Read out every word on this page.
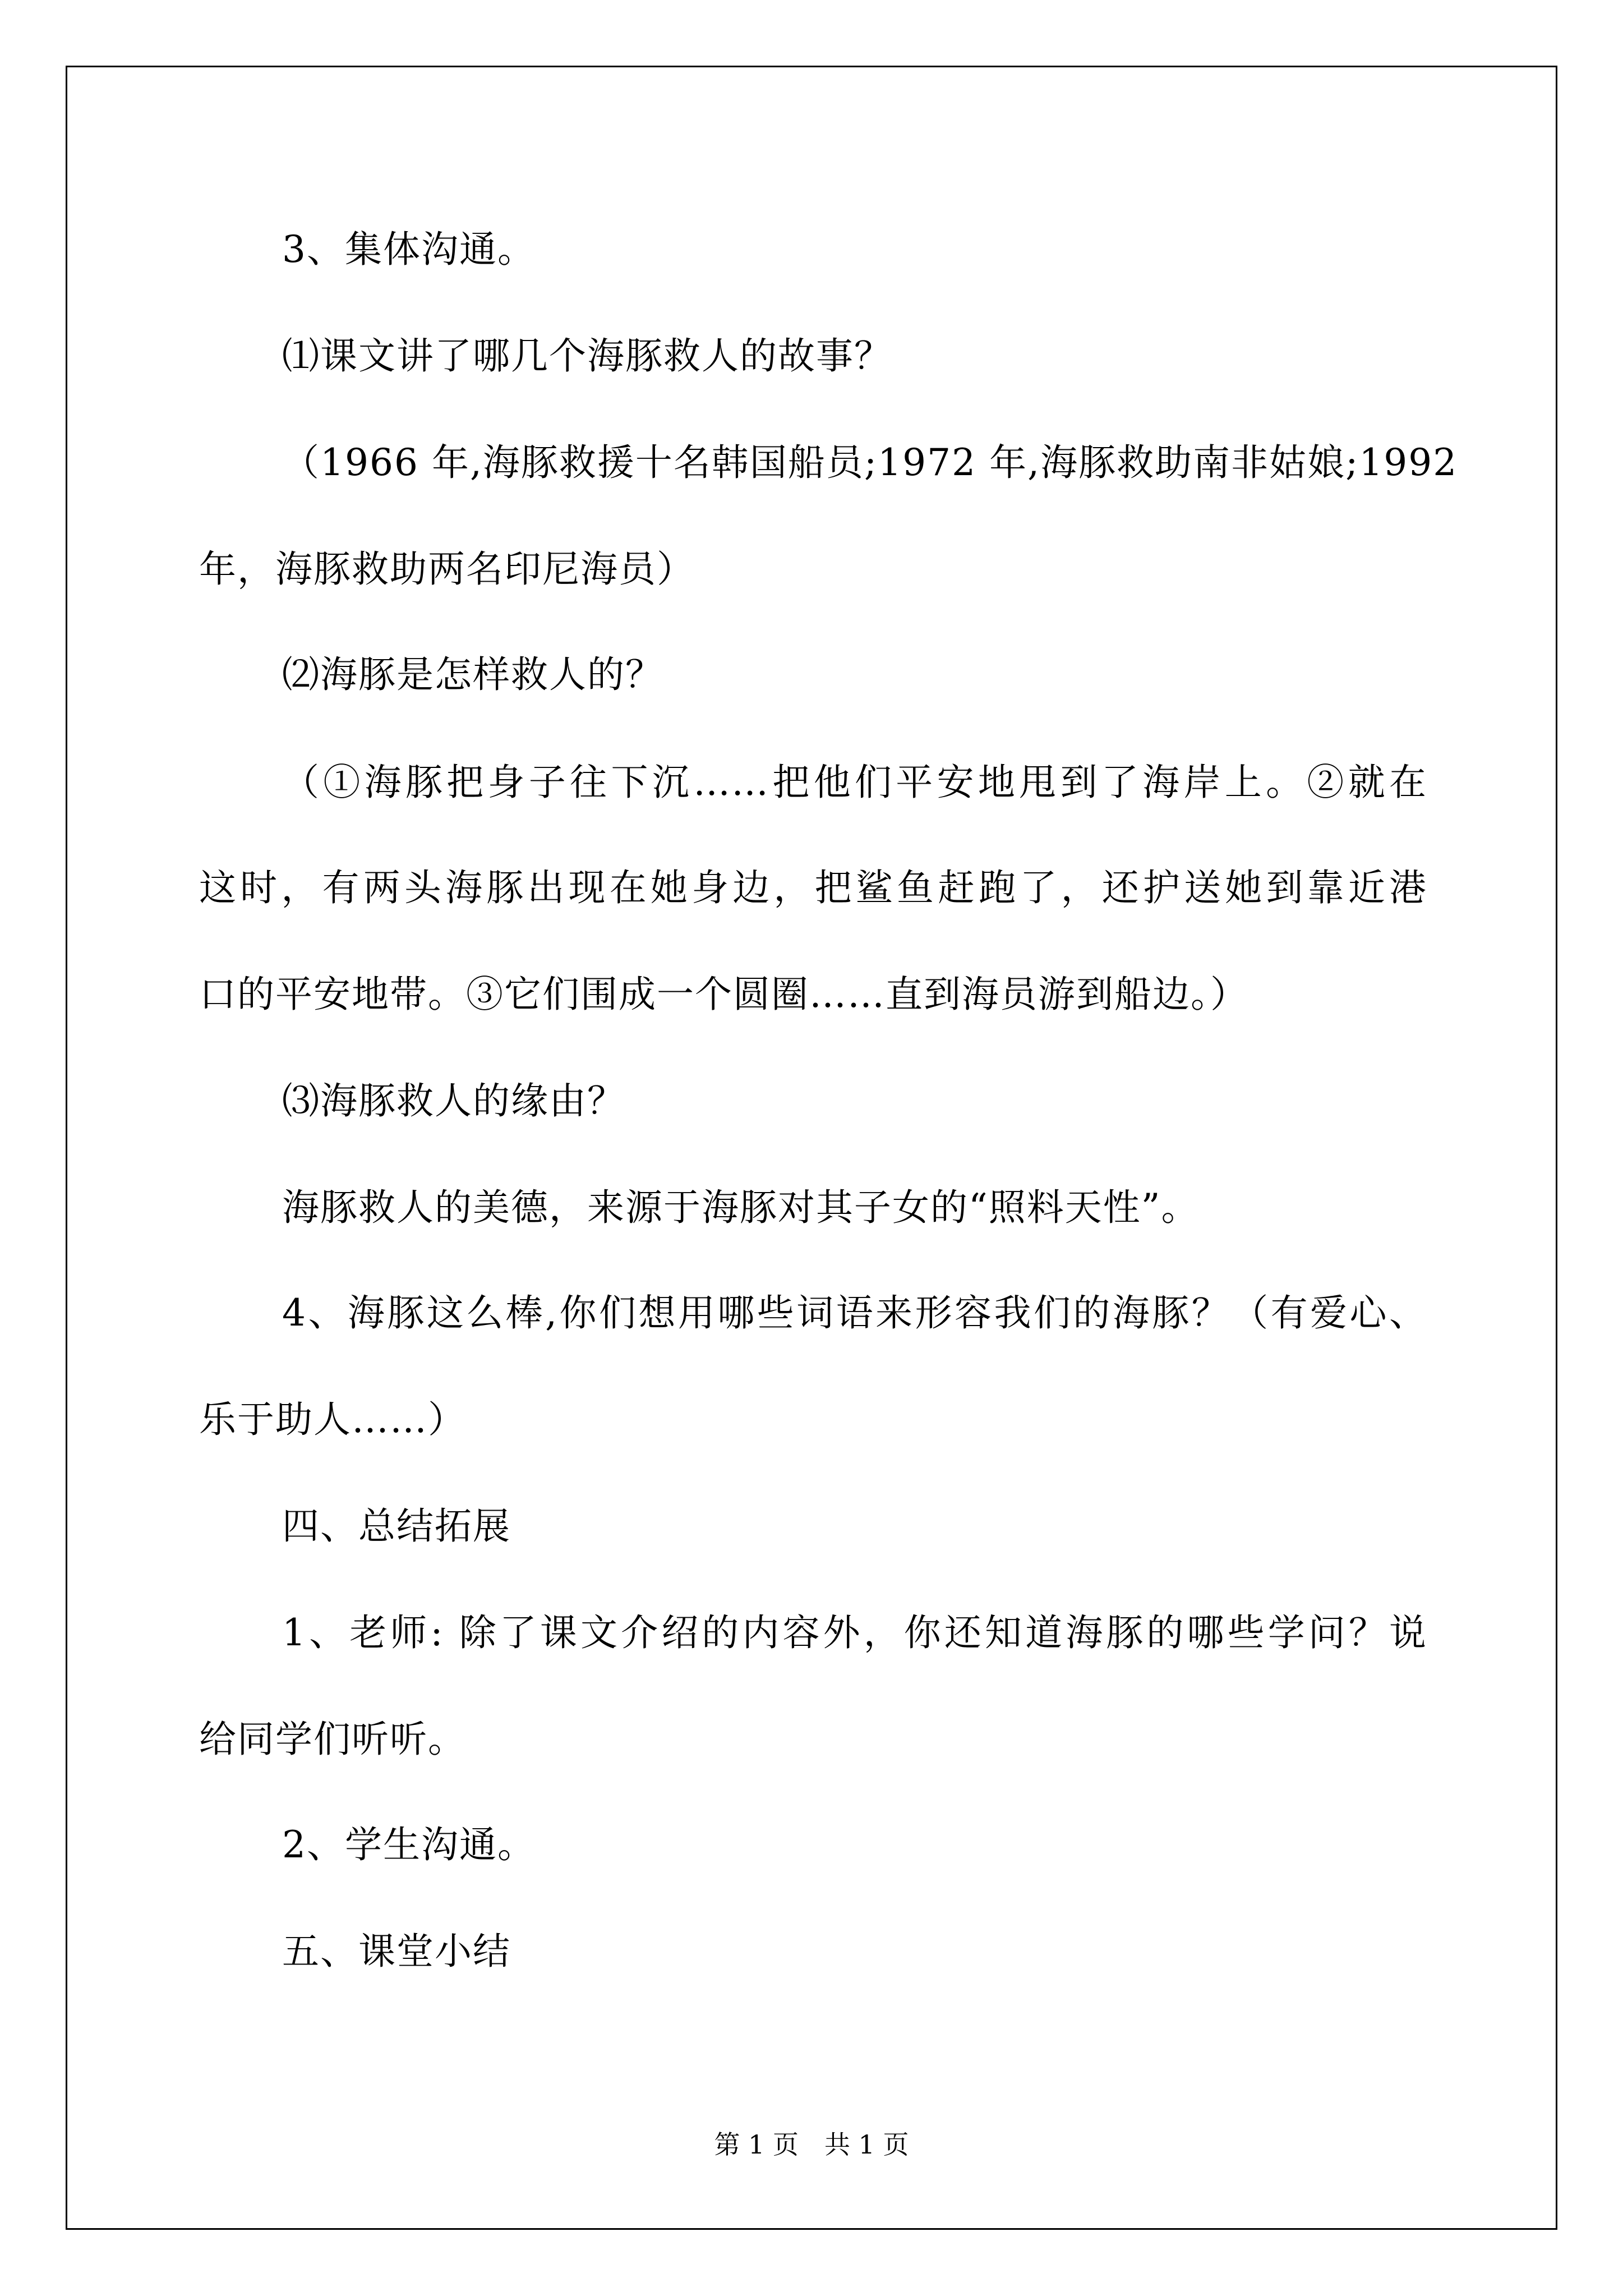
3、集体沟通。
⑴课文讲了哪几个海豚救人的故事？
（1966 年,海豚救援十名韩国船员;1972 年,海豚救助南非姑娘;1992
年，海豚救助两名印尼海员）
⑵海豚是怎样救人的？
（①海豚把身子往下沉……把他们平安地甩到了海岸上。②就在
这时，有两头海豚出现在她身边，把鲨鱼赶跑了，还护送她到靠近港
口的平安地带。③它们围成一个圆圈……直到海员游到船边。）
⑶海豚救人的缘由？
海豚救人的美德，来源于海豚对其子女的“照料天性”。
4、海豚这么棒,你们想用哪些词语来形容我们的海豚？（有爱心、
乐于助人……）
四、总结拓展
1、老师: 除了课文介绍的内容外，你还知道海豚的哪些学问？说
给同学们听听。
2、学生沟通。
五、课堂小结
第 1 页　共 1 页
